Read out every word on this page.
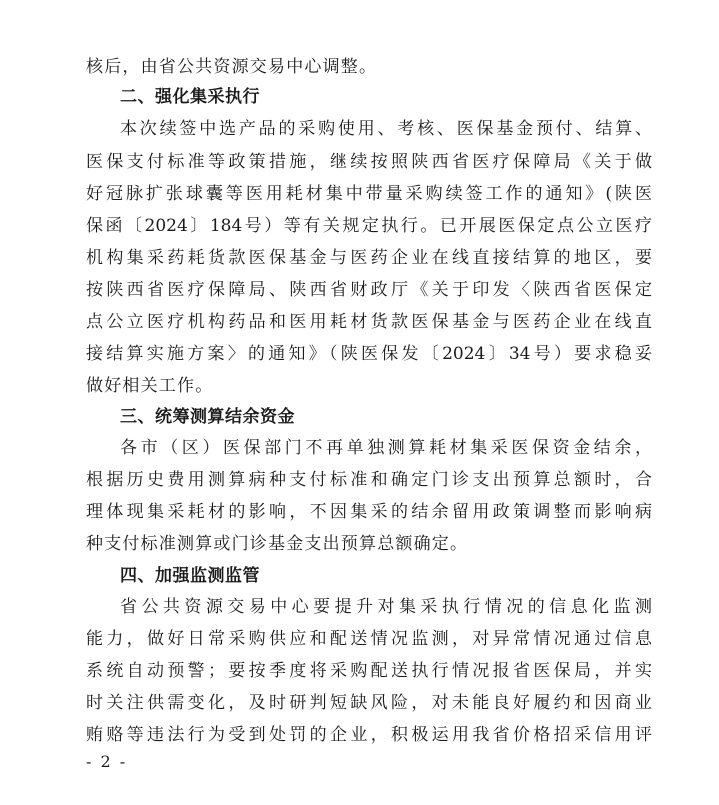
核后，由省公共资源交易中心调整。
二、强化集采执行
本次续签中选产品的采购使用、考核、医保基金预付、结算、
医保支付标准等政策措施，继续按照陕西省医疗保障局《关于做
好冠脉扩张球囊等医用耗材集中带量采购续签工作的通知》(陕医
保函〔2024〕184号）等有关规定执行。已开展医保定点公立医疗
机构集采药耗货款医保基金与医药企业在线直接结算的地区，要
按陕西省医疗保障局、陕西省财政厅《关于印发〈陕西省医保定
点公立医疗机构药品和医用耗材货款医保基金与医药企业在线直
接结算实施方案〉的通知》（陕医保发〔2024〕34号）要求稳妥
做好相关工作。
三、统筹测算结余资金
各市（区）医保部门不再单独测算耗材集采医保资金结余，
根据历史费用测算病种支付标准和确定门诊支出预算总额时，合
理体现集采耗材的影响，不因集采的结余留用政策调整而影响病
种支付标准测算或门诊基金支出预算总额确定。
四、加强监测监管
省公共资源交易中心要提升对集采执行情况的信息化监测
能力，做好日常采购供应和配送情况监测，对异常情况通过信息
系统自动预警；要按季度将采购配送执行情况报省医保局，并实
时关注供需变化，及时研判短缺风险，对未能良好履约和因商业
贿赂等违法行为受到处罚的企业，积极运用我省价格招采信用评
- 2 -
